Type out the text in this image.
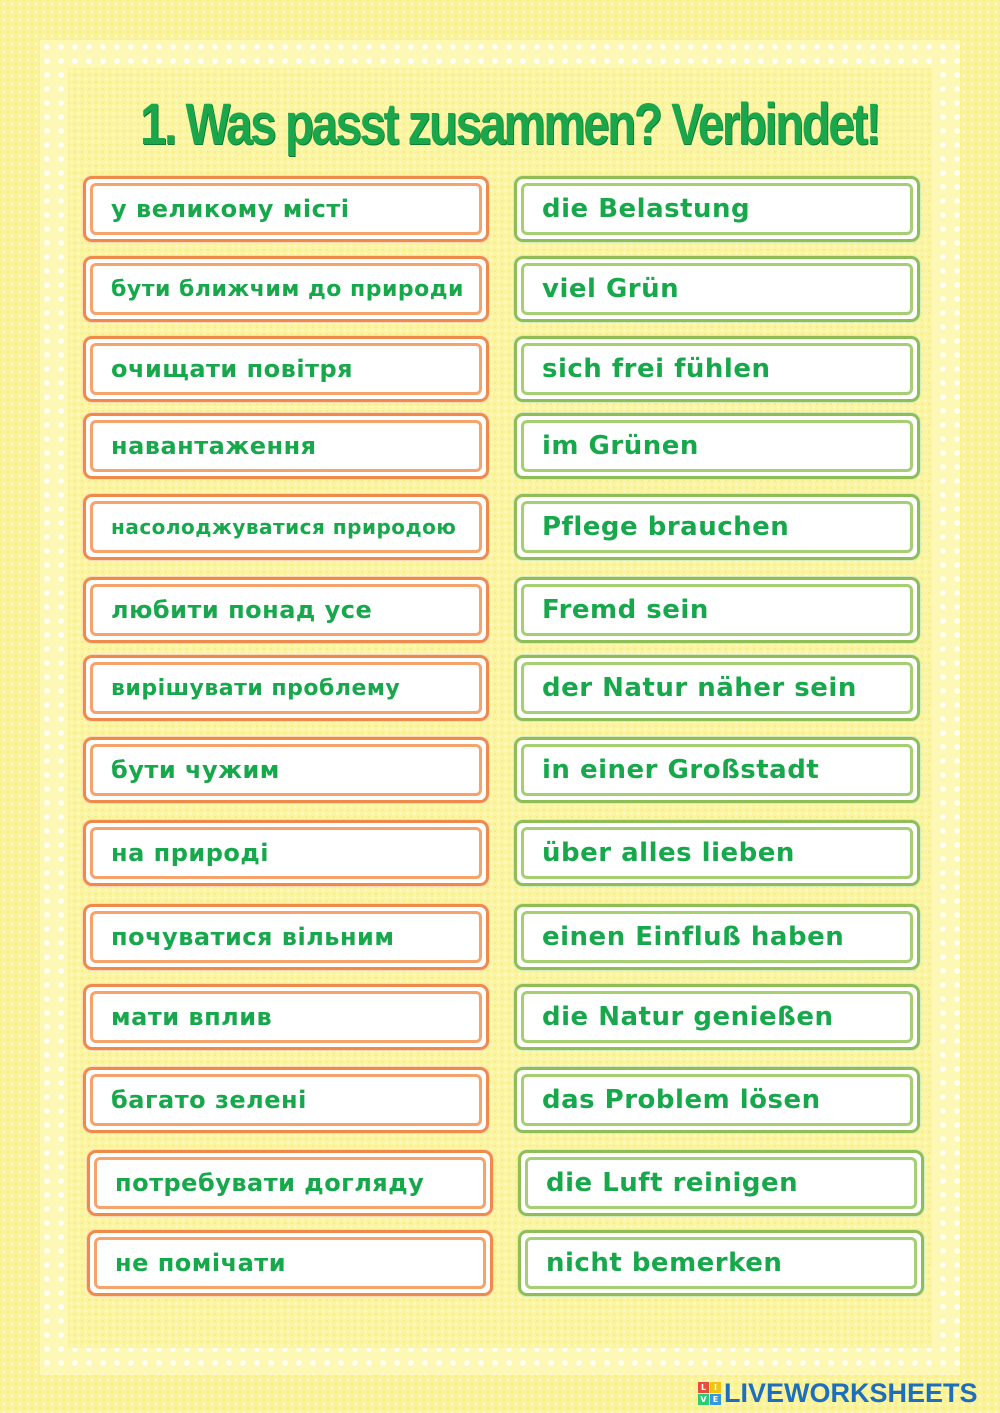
1. Was passt zusammen? Verbindet!
у великому місті
бути ближчим до природи
очищати повітря
навантаження
насолоджуватися природою
любити понад усе
вирішувати проблему
бути чужим
на природі
почуватися вільним
мати вплив
багато зелені
потребувати догляду
не помічати
die Belastung
viel Grün
sich frei fühlen
im Grünen
Pflege brauchen
Fremd sein
der Natur näher sein
in einer Großstadt
über alles lieben
einen Einfluß haben
die Natur genießen
das Problem lösen
die Luft reinigen
nicht bemerken
L I
V E LIVEWORKSHEETS
